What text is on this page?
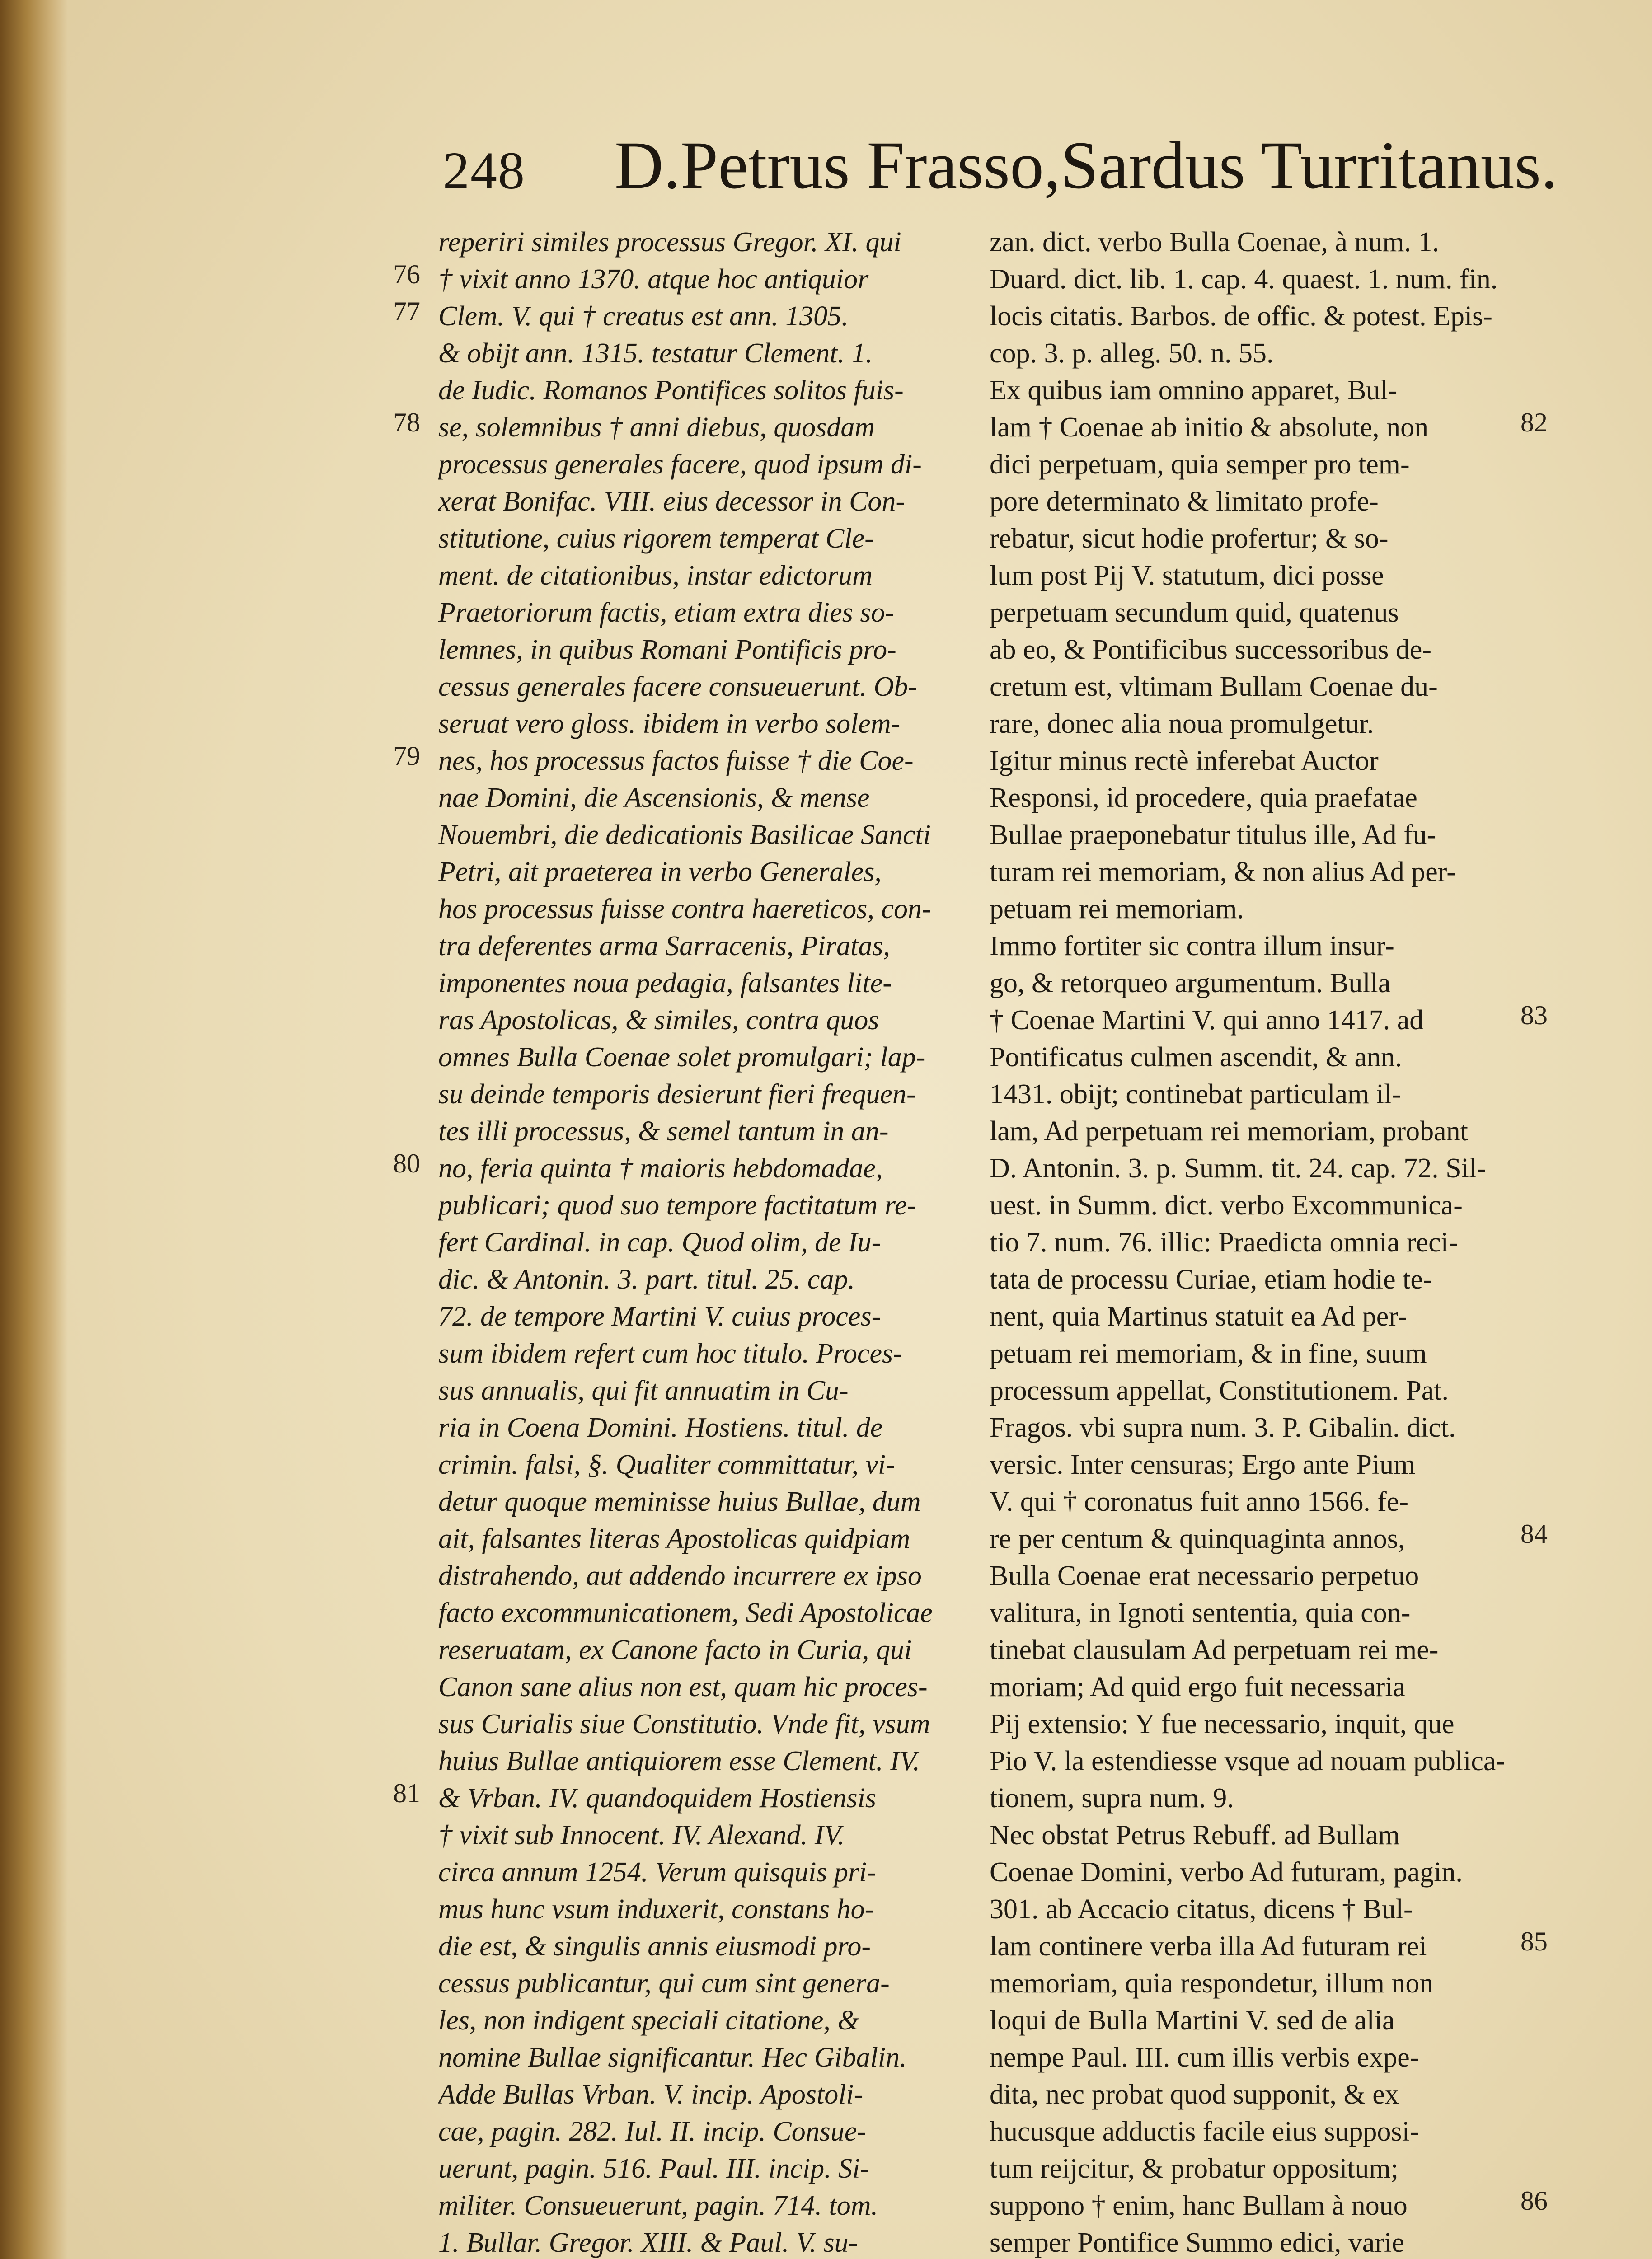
248 D.Petrus Frasso,Sardus Turritanus.
reperiri similes processus Gregor. XI. qui
† vixit anno 1370. atque hoc antiquior
Clem. V. qui † creatus est ann. 1305.
& obijt ann. 1315. testatur Clement. 1.
de Iudic. Romanos Pontifices solitos fuis-
se, solemnibus † anni diebus, quosdam
processus generales facere, quod ipsum di-
xerat Bonifac. VIII. eius decessor in Con-
stitutione, cuius rigorem temperat Cle-
ment. de citationibus, instar edictorum
Praetoriorum factis, etiam extra dies so-
lemnes, in quibus Romani Pontificis pro-
cessus generales facere consueuerunt. Ob-
seruat vero gloss. ibidem in verbo solem-
nes, hos processus factos fuisse † die Coe-
nae Domini, die Ascensionis, & mense
Nouembri, die dedicationis Basilicae Sancti
Petri, ait praeterea in verbo Generales,
hos processus fuisse contra haereticos, con-
tra deferentes arma Sarracenis, Piratas,
imponentes noua pedagia, falsantes lite-
ras Apostolicas, & similes, contra quos
omnes Bulla Coenae solet promulgari; lap-
su deinde temporis desierunt fieri frequen-
tes illi processus, & semel tantum in an-
no, feria quinta † maioris hebdomadae,
publicari; quod suo tempore factitatum re-
fert Cardinal. in cap. Quod olim, de Iu-
dic. & Antonin. 3. part. titul. 25. cap.
72. de tempore Martini V. cuius proces-
sum ibidem refert cum hoc titulo. Proces-
sus annualis, qui fit annuatim in Cu-
ria in Coena Domini. Hostiens. titul. de
crimin. falsi, §. Qualiter committatur, vi-
detur quoque meminisse huius Bullae, dum
ait, falsantes literas Apostolicas quidpiam
distrahendo, aut addendo incurrere ex ipso
facto excommunicationem, Sedi Apostolicae
reseruatam, ex Canone facto in Curia, qui
Canon sane alius non est, quam hic proces-
sus Curialis siue Constitutio. Vnde fit, vsum
huius Bullae antiquiorem esse Clement. IV.
& Vrban. IV. quandoquidem Hostiensis
† vixit sub Innocent. IV. Alexand. IV.
circa annum 1254. Verum quisquis pri-
mus hunc vsum induxerit, constans ho-
die est, & singulis annis eiusmodi pro-
cessus publicantur, qui cum sint genera-
les, non indigent speciali citatione, &
nomine Bullae significantur. Hec Gibalin.
Adde Bullas Vrban. V. incip. Apostoli-
cae, pagin. 282. Iul. II. incip. Consue-
uerunt, pagin. 516. Paul. III. incip. Si-
militer. Consueuerunt, pagin. 714. tom.
1. Bullar. Gregor. XIII. & Paul. V. su-
zan. dict. verbo Bulla Coenae, à num. 1.
Duard. dict. lib. 1. cap. 4. quaest. 1. num. fin.
locis citatis. Barbos. de offic. & potest. Epis-
cop. 3. p. alleg. 50. n. 55.
Ex quibus iam omnino apparet, Bul-
lam † Coenae ab initio & absolute, non
dici perpetuam, quia semper pro tem-
pore determinato & limitato profe-
rebatur, sicut hodie profertur; & so-
lum post Pij V. statutum, dici posse
perpetuam secundum quid, quatenus
ab eo, & Pontificibus successoribus de-
cretum est, vltimam Bullam Coenae du-
rare, donec alia noua promulgetur.
Igitur minus rectè inferebat Auctor
Responsi, id procedere, quia praefatae
Bullae praeponebatur titulus ille, Ad fu-
turam rei memoriam, & non alius Ad per-
petuam rei memoriam.
Immo fortiter sic contra illum insur-
go, & retorqueo argumentum. Bulla
† Coenae Martini V. qui anno 1417. ad
Pontificatus culmen ascendit, & ann.
1431. obijt; continebat particulam il-
lam, Ad perpetuam rei memoriam, probant
D. Antonin. 3. p. Summ. tit. 24. cap. 72. Sil-
uest. in Summ. dict. verbo Excommunica-
tio 7. num. 76. illic: Praedicta omnia reci-
tata de processu Curiae, etiam hodie te-
nent, quia Martinus statuit ea Ad per-
petuam rei memoriam, & in fine, suum
processum appellat, Constitutionem. Pat.
Fragos. vbi supra num. 3. P. Gibalin. dict.
versic. Inter censuras; Ergo ante Pium
V. qui † coronatus fuit anno 1566. fe-
re per centum & quinquaginta annos,
Bulla Coenae erat necessario perpetuo
valitura, in Ignoti sententia, quia con-
tinebat clausulam Ad perpetuam rei me-
moriam; Ad quid ergo fuit necessaria
Pij extensio: Y fue necessario, inquit, que
Pio V. la estendiesse vsque ad nouam publica-
tionem, supra num. 9.
Nec obstat Petrus Rebuff. ad Bullam
Coenae Domini, verbo Ad futuram, pagin.
301. ab Accacio citatus, dicens † Bul-
lam continere verba illa Ad futuram rei
memoriam, quia respondetur, illum non
loqui de Bulla Martini V. sed de alia
nempe Paul. III. cum illis verbis expe-
dita, nec probat quod supponit, & ex
hucusque adductis facile eius supposi-
tum reijcitur, & probatur oppositum;
suppono † enim, hanc Bullam à nouo
semper Pontifice Summo edici, varie
76
77
78
79
80
81
82
83
84
85
86
